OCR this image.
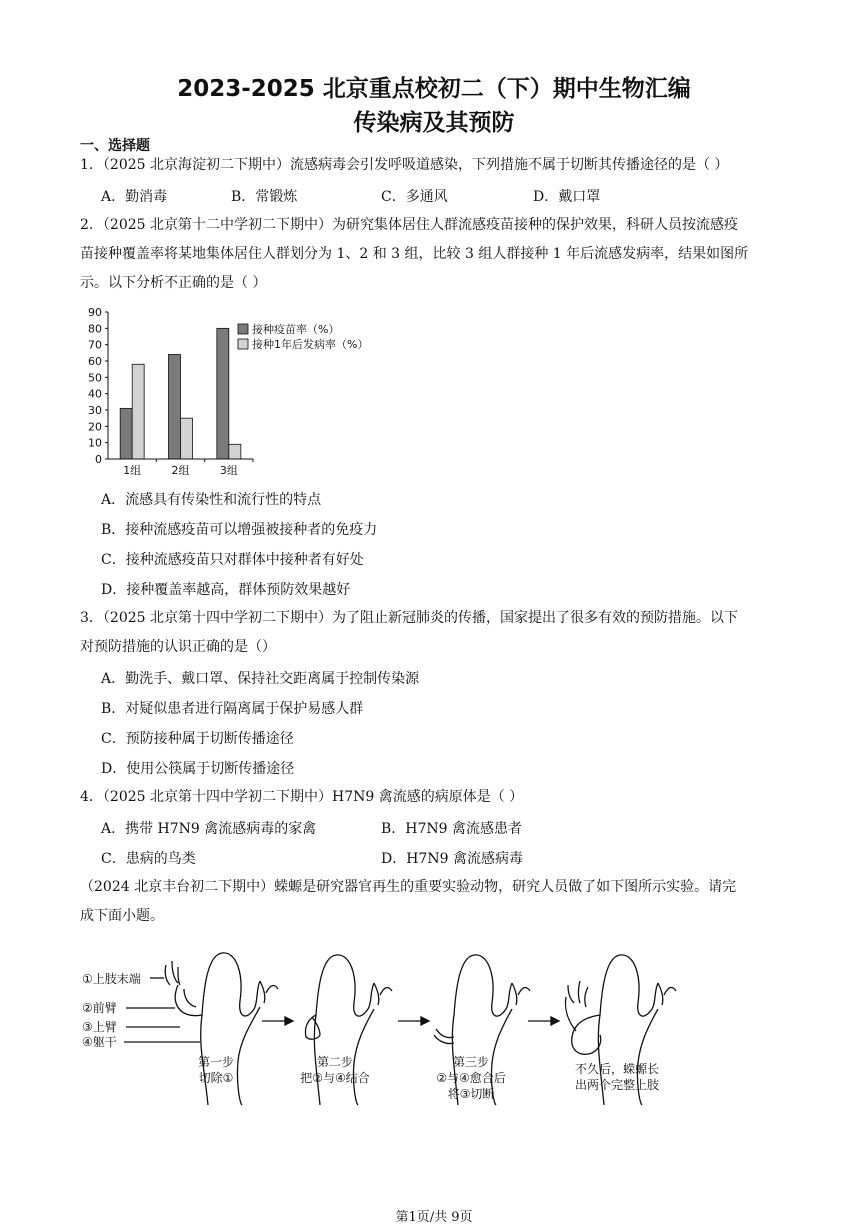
2023-2025 北京重点校初二（下）期中生物汇编
传染病及其预防
一、选择题
1．（2025 北京海淀初二下期中）流感病毒会引发呼吸道感染，下列措施不属于切断其传播途径的是（ ）
A．勤消毒	B．常锻炼	C．多通风	D．戴口罩
2．（2025 北京第十二中学初二下期中）为研究集体居住人群流感疫苗接种的保护效果，科研人员按流感疫
苗接种覆盖率将某地集体居住人群划分为 1、2 和 3 组，比较 3 组人群接种 1 年后流感发病率，结果如图所
示。以下分析不正确的是（ ）
0
10
20
30
40
50
60
70
80
90
1组	2组	3组
接种疫苗率（%）
接种1年后发病率（%）
A．流感具有传染性和流行性的特点
B．接种流感疫苗可以增强被接种者的免疫力
C．接种流感疫苗只对群体中接种者有好处
D．接种覆盖率越高，群体预防效果越好
3．（2025 北京第十四中学初二下期中）为了阻止新冠肺炎的传播，国家提出了很多有效的预防措施。以下
对预防措施的认识正确的是（）
A．勤洗手、戴口罩、保持社交距离属于控制传染源
B．对疑似患者进行隔离属于保护易感人群
C．预防接种属于切断传播途径
D．使用公筷属于切断传播途径
4．（2025 北京第十四中学初二下期中）H7N9 禽流感的病原体是（ ）
A．携带 H7N9 禽流感病毒的家禽	B．H7N9 禽流感患者
C．患病的鸟类	D．H7N9 禽流感病毒
（2024 北京丰台初二下期中）蝾螈是研究器官再生的重要实验动物，研究人员做了如下图所示实验。请完
成下面小题。
①上肢末端
②前臂
③上臂
④躯干
第一步
切除①
第二步
把②与④结合
第三步
②与④愈合后
将③切断
不久后，蝾螈长
出两个完整上肢
第1页/共 9页
